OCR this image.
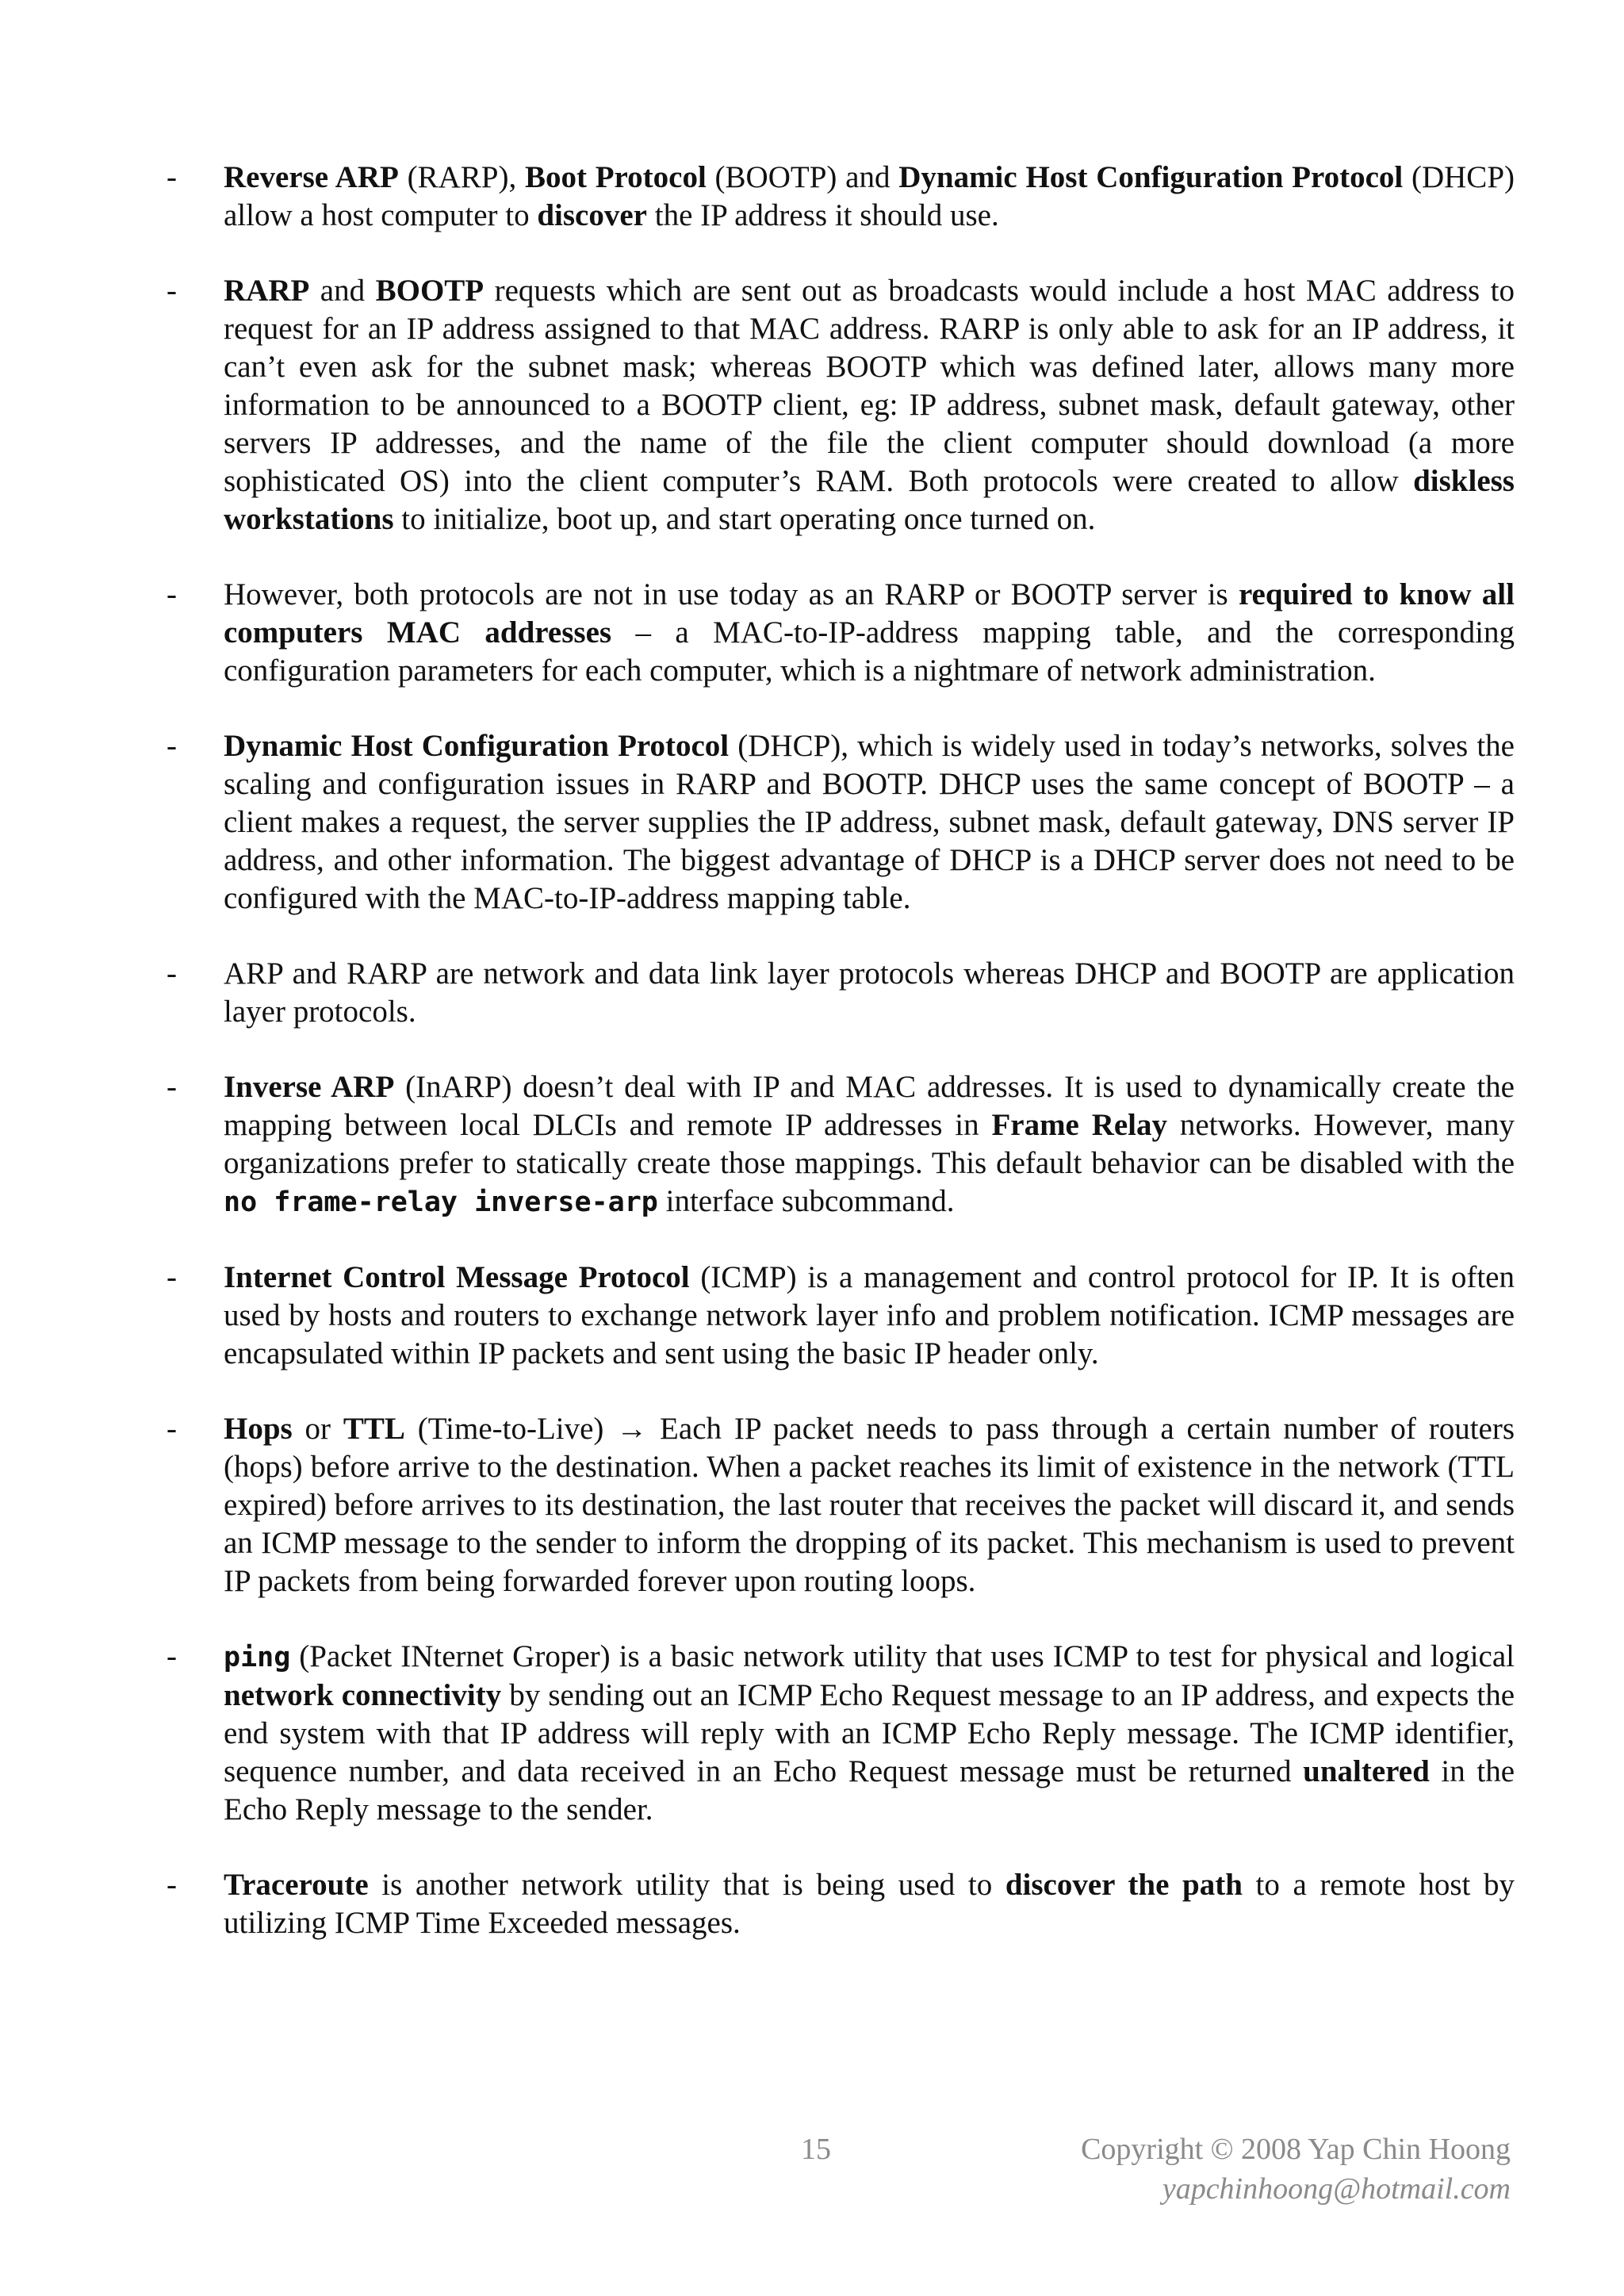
- Reverse ARP (RARP), Boot Protocol (BOOTP) and Dynamic Host Configuration Protocol (DHCP) allow a host computer to discover the IP address it should use.
- RARP and BOOTP requests which are sent out as broadcasts would include a host MAC address to request for an IP address assigned to that MAC address. RARP is only able to ask for an IP address, it can’t even ask for the subnet mask; whereas BOOTP which was defined later, allows many more information to be announced to a BOOTP client, eg: IP address, subnet mask, default gateway, other servers IP addresses, and the name of the file the client computer should download (a more sophisticated OS) into the client computer’s RAM. Both protocols were created to allow diskless workstations to initialize, boot up, and start operating once turned on.
- However, both protocols are not in use today as an RARP or BOOTP server is required to know all computers MAC addresses – a MAC-to-IP-address mapping table, and the corresponding configuration parameters for each computer, which is a nightmare of network administration.
- Dynamic Host Configuration Protocol (DHCP), which is widely used in today’s networks, solves the scaling and configuration issues in RARP and BOOTP. DHCP uses the same concept of BOOTP – a client makes a request, the server supplies the IP address, subnet mask, default gateway, DNS server IP address, and other information. The biggest advantage of DHCP is a DHCP server does not need to be configured with the MAC-to-IP-address mapping table.
- ARP and RARP are network and data link layer protocols whereas DHCP and BOOTP are application layer protocols.
- Inverse ARP (InARP) doesn’t deal with IP and MAC addresses. It is used to dynamically create the mapping between local DLCIs and remote IP addresses in Frame Relay networks. However, many organizations prefer to statically create those mappings. This default behavior can be disabled with the no frame-relay inverse-arp interface subcommand.
- Internet Control Message Protocol (ICMP) is a management and control protocol for IP. It is often used by hosts and routers to exchange network layer info and problem notification. ICMP messages are encapsulated within IP packets and sent using the basic IP header only.
- Hops or TTL (Time-to-Live) → Each IP packet needs to pass through a certain number of routers (hops) before arrive to the destination. When a packet reaches its limit of existence in the network (TTL expired) before arrives to its destination, the last router that receives the packet will discard it, and sends an ICMP message to the sender to inform the dropping of its packet. This mechanism is used to prevent IP packets from being forwarded forever upon routing loops.
- ping (Packet INternet Groper) is a basic network utility that uses ICMP to test for physical and logical network connectivity by sending out an ICMP Echo Request message to an IP address, and expects the end system with that IP address will reply with an ICMP Echo Reply message. The ICMP identifier, sequence number, and data received in an Echo Request message must be returned unaltered in the Echo Reply message to the sender.
- Traceroute is another network utility that is being used to discover the path to a remote host by utilizing ICMP Time Exceeded messages.
15	Copyright © 2008 Yap Chin Hoong
yapchinhoong@hotmail.com
